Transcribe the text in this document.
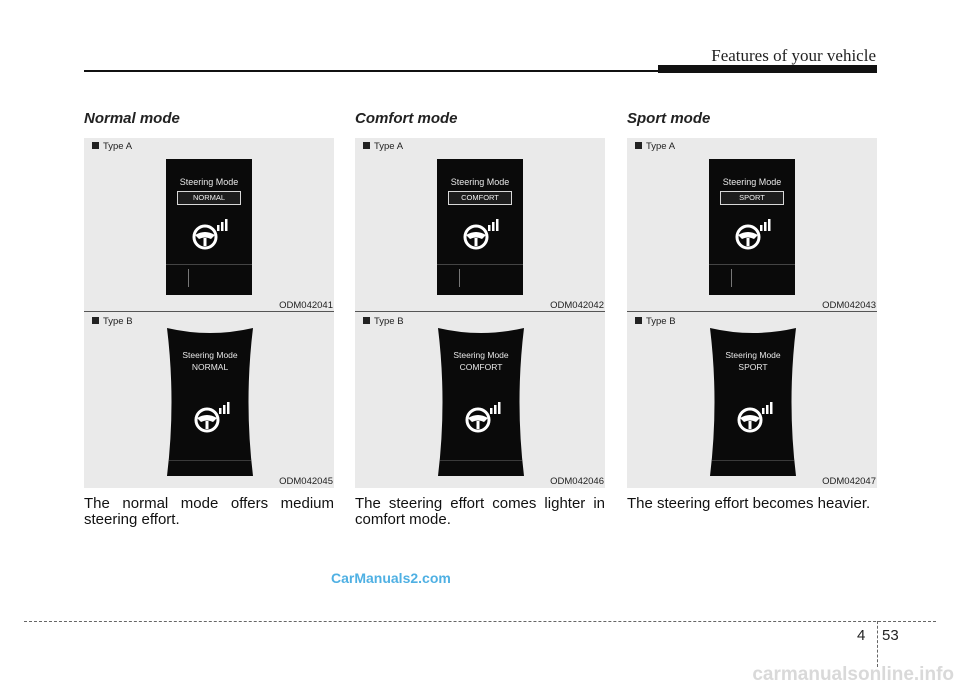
Features of your vehicle
Normal mode
Type A
Steering Mode
NORMAL
ODM042041
Type B
Steering Mode
NORMAL
ODM042045
The normal mode offers medium steering effort.
Comfort mode
Type A
Steering Mode
COMFORT
ODM042042
Type B
Steering Mode
COMFORT
ODM042046
The steering effort comes lighter in comfort mode.
Sport mode
Type A
Steering Mode
SPORT
ODM042043
Type B
Steering Mode
SPORT
ODM042047
The steering effort becomes heavier.
CarManuals2.com
4 53
carmanualsonline.info
